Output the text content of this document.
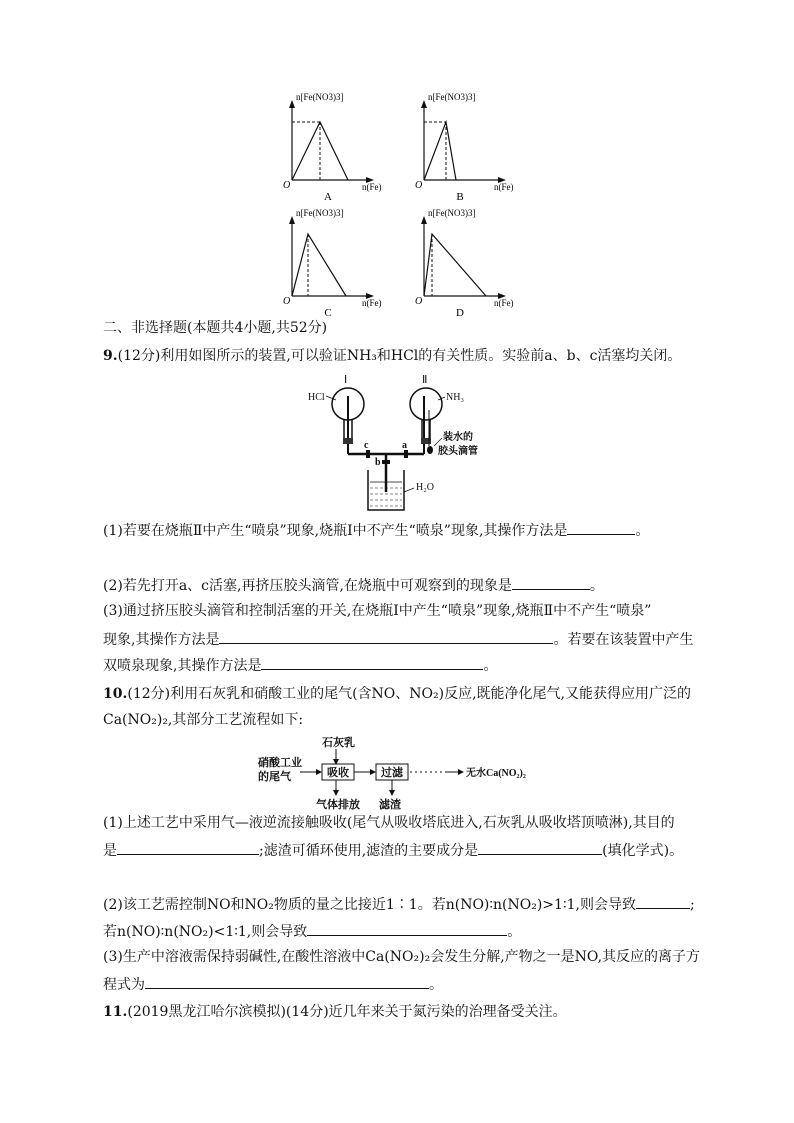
n[Fe(NO3)3]
O	n(Fe)
A
n[Fe(NO3)3]
O	n(Fe)
B
n[Fe(NO3)3]
O	n(Fe)
C
n[Fe(NO3)3]
O	n(Fe)
D
二、非选择题(本题共4小题,共52分)
9.(12分)利用如图所示的装置,可以验证NH₃和HCl的有关性质。实验前a、b、c活塞均关闭。
Ⅰ
HCl
Ⅱ
NH₃
装水的
胶头滴管
c	a
b
H₂O
(1)若要在烧瓶Ⅱ中产生“喷泉”现象,烧瓶Ⅰ中不产生“喷泉”现象,其操作方法是	。
(2)若先打开a、c活塞,再挤压胶头滴管,在烧瓶中可观察到的现象是	。
(3)通过挤压胶头滴管和控制活塞的开关,在烧瓶Ⅰ中产生“喷泉”现象,烧瓶Ⅱ中不产生“喷泉”
现象,其操作方法是	。若要在该装置中产生
双喷泉现象,其操作方法是	。
10.(12分)利用石灰乳和硝酸工业的尾气(含NO、NO₂)反应,既能净化尾气,又能获得应用广泛的
Ca(NO₂)₂,其部分工艺流程如下:
石灰乳
硝酸工业
的尾气	吸收	过滤	无水Ca(NO₂)₂
气体排放 滤渣
(1)上述工艺中采用气—液逆流接触吸收(尾气从吸收塔底进入,石灰乳从吸收塔顶喷淋),其目的
是	;滤渣可循环使用,滤渣的主要成分是	(填化学式)。
(2)该工艺需控制NO和NO₂物质的量之比接近1∶1。若n(NO)∶n(NO₂)>1∶1,则会导致	;
若n(NO)∶n(NO₂)<1∶1,则会导致	。
(3)生产中溶液需保持弱碱性,在酸性溶液中Ca(NO₂)₂会发生分解,产物之一是NO,其反应的离子方
程式为	。
11.(2019黑龙江哈尔滨模拟)(14分)近几年来关于氮污染的治理备受关注。
